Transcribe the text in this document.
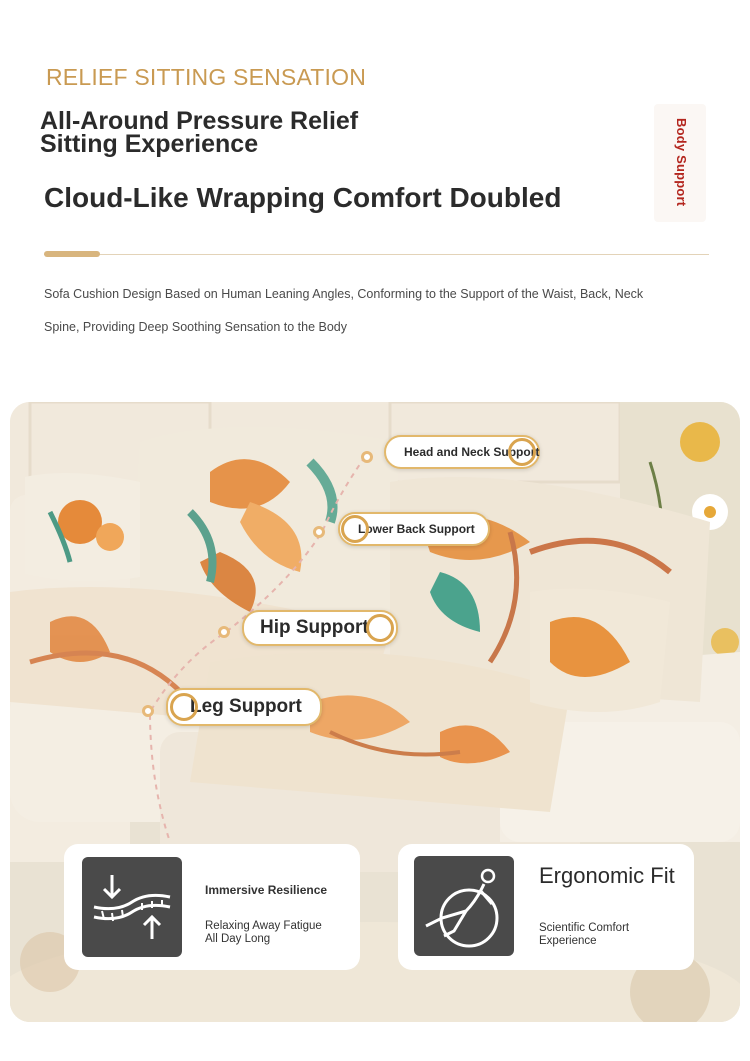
RELIEF SITTING SENSATION
All-Around Pressure Relief
Sitting Experience
Cloud-Like Wrapping Comfort Doubled	Body Support
Sofa Cushion Design Based on Human Leaning Angles, Conforming to the Support of the Waist, Back, Neck
Spine, Providing Deep Soothing Sensation to the Body
Head and Neck Support
Lower Back Support
Hip Support
Leg Support
Immersive Resilience
Relaxing Away Fatigue All Day Long
Ergonomic Fit
Scientific Comfort Experience
